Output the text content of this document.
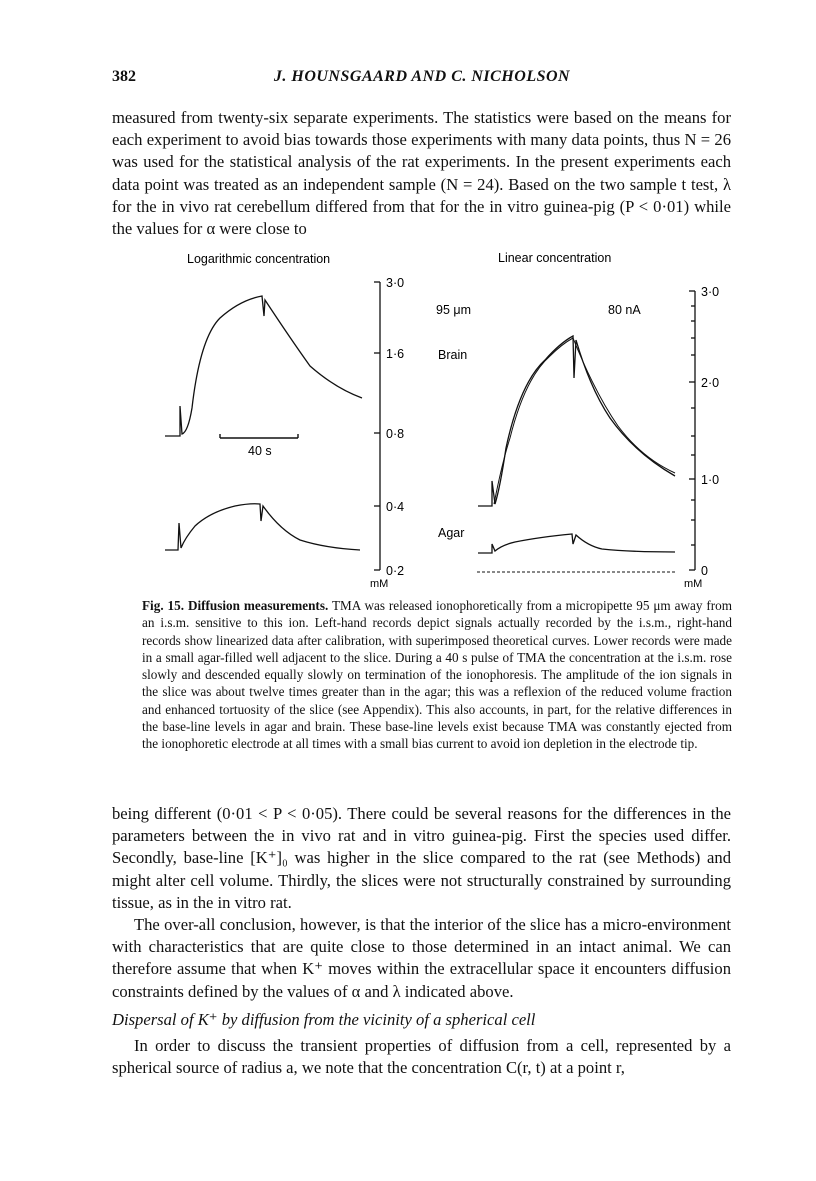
382	J. HOUNSGAARD AND C. NICHOLSON

measured from twenty-six separate experiments. The statistics were based on the means for each experiment to avoid bias towards those experiments with many data points, thus N = 26 was used for the statistical analysis of the rat experiments. In the present experiments each data point was treated as an independent sample (N = 24). Based on the two sample t test, λ for the in vivo rat cerebellum differed from that for the in vitro guinea-pig (P < 0·01) while the values for α were close to

Logarithmic concentration	Linear concentration
3·0
1·6
0·8
0·4
0·2
mM
40 s
3·0
2·0
1·0
0
mM
95 μm	80 nA
Brain
Agar

Fig. 15. Diffusion measurements. TMA was released ionophoretically from a micropipette 95 μm away from an i.s.m. sensitive to this ion. Left-hand records depict signals actually recorded by the i.s.m., right-hand records show linearized data after calibration, with superimposed theoretical curves. Lower records were made in a small agar-filled well adjacent to the slice. During a 40 s pulse of TMA the concentration at the i.s.m. rose slowly and descended equally slowly on termination of the ionophoresis. The amplitude of the ion signals in the slice was about twelve times greater than in the agar; this was a reflexion of the reduced volume fraction and enhanced tortuosity of the slice (see Appendix). This also accounts, in part, for the relative differences in the base-line levels in agar and brain. These base-line levels exist because TMA was constantly ejected from the ionophoretic electrode at all times with a small bias current to avoid ion depletion in the electrode tip.

being different (0·01 < P < 0·05). There could be several reasons for the differences in the parameters between the in vivo rat and in vitro guinea-pig. First the species used differ. Secondly, base-line [K⁺]₀ was higher in the slice compared to the rat (see Methods) and might alter cell volume. Thirdly, the slices were not structurally constrained by surrounding tissue, as in the in vitro rat.

The over-all conclusion, however, is that the interior of the slice has a micro-environment with characteristics that are quite close to those determined in an intact animal. We can therefore assume that when K⁺ moves within the extracellular space it encounters diffusion constraints defined by the values of α and λ indicated above.

Dispersal of K⁺ by diffusion from the vicinity of a spherical cell

In order to discuss the transient properties of diffusion from a cell, represented by a spherical source of radius a, we note that the concentration C(r, t) at a point r,
